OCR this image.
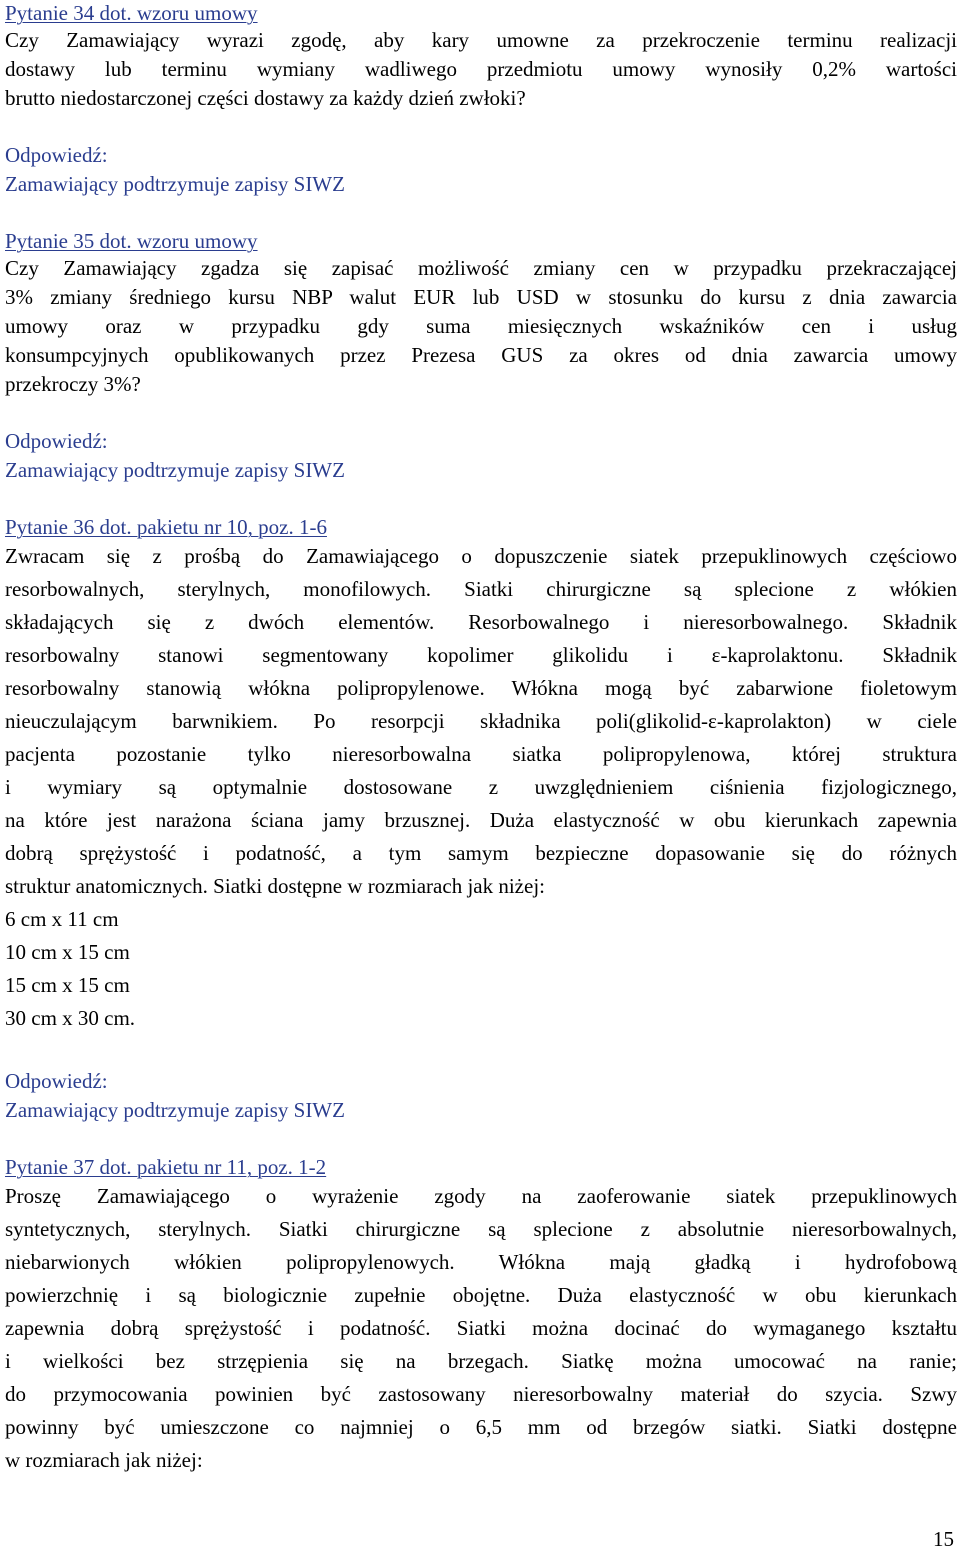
Pytanie 34 dot. wzoru umowy

Czy Zamawiający wyrazi zgodę, aby kary umowne za przekroczenie terminu realizacji
dostawy lub terminu wymiany wadliwego przedmiotu umowy wynosiły 0,2% wartości
brutto niedostarczonej części dostawy za każdy dzień zwłoki?

Odpowiedź:

Zamawiający podtrzymuje zapisy SIWZ

Pytanie 35 dot. wzoru umowy

Czy Zamawiający zgadza się zapisać możliwość zmiany cen w przypadku przekraczającej
3% zmiany średniego kursu NBP walut EUR lub USD w stosunku do kursu z dnia zawarcia
umowy oraz w przypadku gdy suma miesięcznych wskaźników cen i usług
konsumpcyjnych opublikowanych przez Prezesa GUS za okres od dnia zawarcia umowy
przekroczy 3%?

Odpowiedź:

Zamawiający podtrzymuje zapisy SIWZ

Pytanie 36 dot. pakietu nr 10, poz. 1-6

Zwracam się z prośbą do Zamawiającego o dopuszczenie siatek przepuklinowych częściowo
resorbowalnych, sterylnych, monofilowych. Siatki chirurgiczne są splecione z włókien
składających się z dwóch elementów. Resorbowalnego i nieresorbowalnego. Składnik
resorbowalny stanowi segmentowany kopolimer glikolidu i ε-kaprolaktonu. Składnik
resorbowalny stanowią włókna polipropylenowe. Włókna mogą być zabarwione fioletowym
nieuczulającym barwnikiem. Po resorpcji składnika poli(glikolid-ε-kaprolakton) w ciele
pacjenta pozostanie tylko nieresorbowalna siatka polipropylenowa, której struktura
i wymiary są optymalnie dostosowane z uwzględnieniem ciśnienia fizjologicznego,
na które jest narażona ściana jamy brzusznej. Duża elastyczność w obu kierunkach zapewnia
dobrą sprężystość i podatność, a tym samym bezpieczne dopasowanie się do różnych
struktur anatomicznych. Siatki dostępne w rozmiarach jak niżej:

6 cm x 11 cm

10 cm x 15 cm

15 cm x 15 cm

30 cm x 30 cm.

Odpowiedź:

Zamawiający podtrzymuje zapisy SIWZ

Pytanie 37 dot. pakietu nr 11, poz. 1-2

Proszę Zamawiającego o wyrażenie zgody na zaoferowanie siatek przepuklinowych
syntetycznych, sterylnych. Siatki chirurgiczne są splecione z absolutnie nieresorbowalnych,
niebarwionych włókien polipropylenowych. Włókna mają gładką i hydrofobową
powierzchnię i są biologicznie zupełnie obojętne. Duża elastyczność w obu kierunkach
zapewnia dobrą sprężystość i podatność. Siatki można docinać do wymaganego kształtu
i wielkości bez strzępienia się na brzegach. Siatkę można umocować na ranie;
do przymocowania powinien być zastosowany nieresorbowalny materiał do szycia. Szwy
powinny być umieszczone co najmniej o 6,5 mm od brzegów siatki. Siatki dostępne
w rozmiarach jak niżej:
15
